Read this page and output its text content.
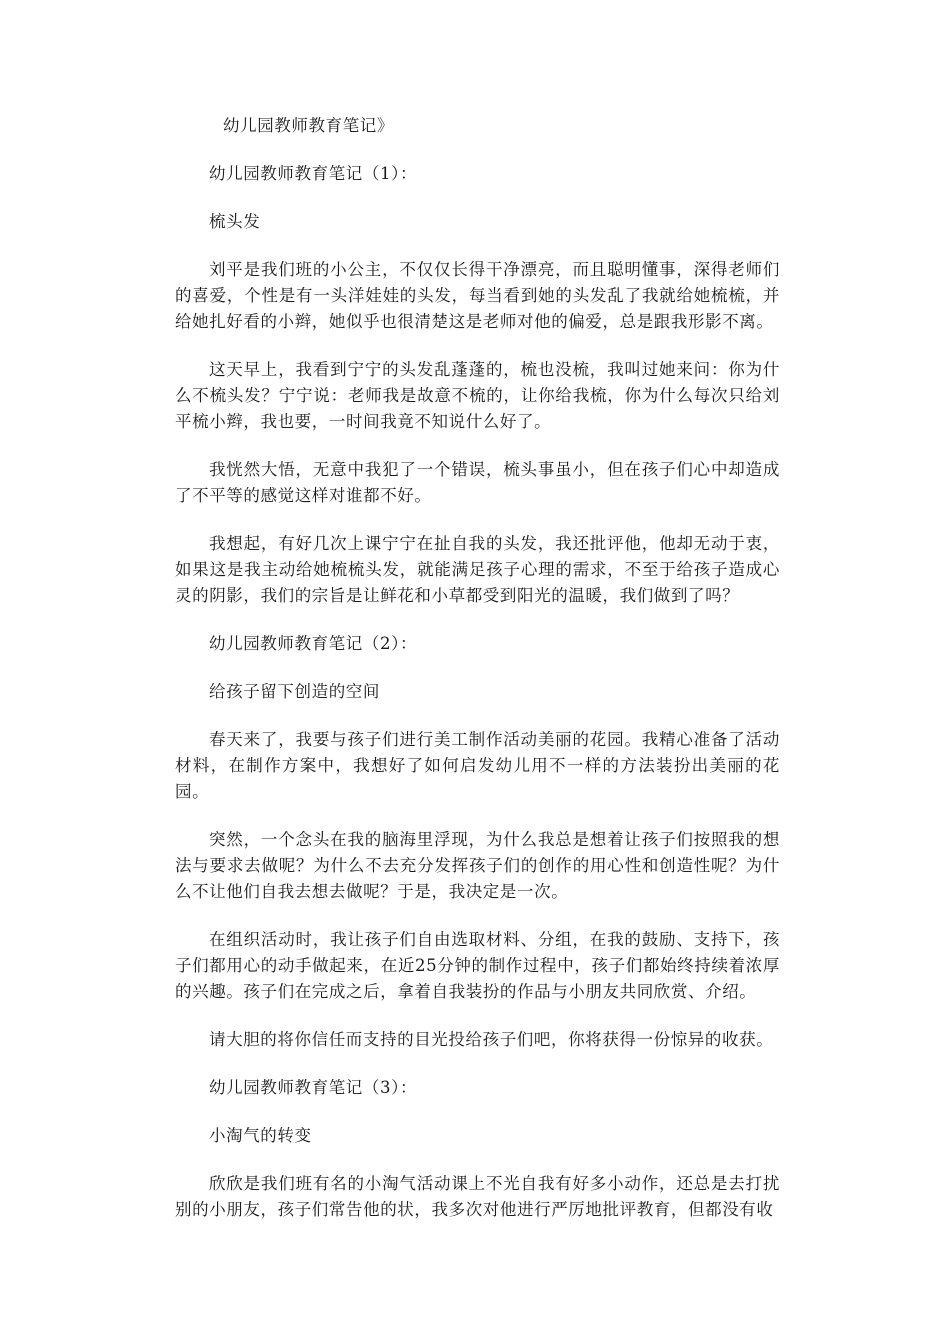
幼儿园教师教育笔记》

幼儿园教师教育笔记（1）：

梳头发

刘平是我们班的小公主，不仅仅长得干净漂亮，而且聪明懂事，深得老师们的喜爱，个性是有一头洋娃娃的头发，每当看到她的头发乱了我就给她梳梳，并给她扎好看的小辫，她似乎也很清楚这是老师对他的偏爱，总是跟我形影不离。

这天早上，我看到宁宁的头发乱蓬蓬的，梳也没梳，我叫过她来问：你为什么不梳头发？宁宁说：老师我是故意不梳的，让你给我梳，你为什么每次只给刘平梳小辫，我也要，一时间我竟不知说什么好了。

我恍然大悟，无意中我犯了一个错误，梳头事虽小，但在孩子们心中却造成了不平等的感觉这样对谁都不好。

我想起，有好几次上课宁宁在扯自我的头发，我还批评他，他却无动于衷，如果这是我主动给她梳梳头发，就能满足孩子心理的需求，不至于给孩子造成心灵的阴影，我们的宗旨是让鲜花和小草都受到阳光的温暖，我们做到了吗？

幼儿园教师教育笔记（2）：

给孩子留下创造的空间

春天来了，我要与孩子们进行美工制作活动美丽的花园。我精心准备了活动材料，在制作方案中，我想好了如何启发幼儿用不一样的方法装扮出美丽的花园。

突然，一个念头在我的脑海里浮现，为什么我总是想着让孩子们按照我的想法与要求去做呢？为什么不去充分发挥孩子们的创作的用心性和创造性呢？为什么不让他们自我去想去做呢？于是，我决定是一次。

在组织活动时，我让孩子们自由选取材料、分组，在我的鼓励、支持下，孩子们都用心的动手做起来，在近25分钟的制作过程中，孩子们都始终持续着浓厚的兴趣。孩子们在完成之后，拿着自我装扮的作品与小朋友共同欣赏、介绍。

请大胆的将你信任而支持的目光投给孩子们吧，你将获得一份惊异的收获。

幼儿园教师教育笔记（3）：

小淘气的转变

欣欣是我们班有名的小淘气活动课上不光自我有好多小动作，还总是去打扰别的小朋友，孩子们常告他的状，我多次对他进行严厉地批评教育，但都没有收
